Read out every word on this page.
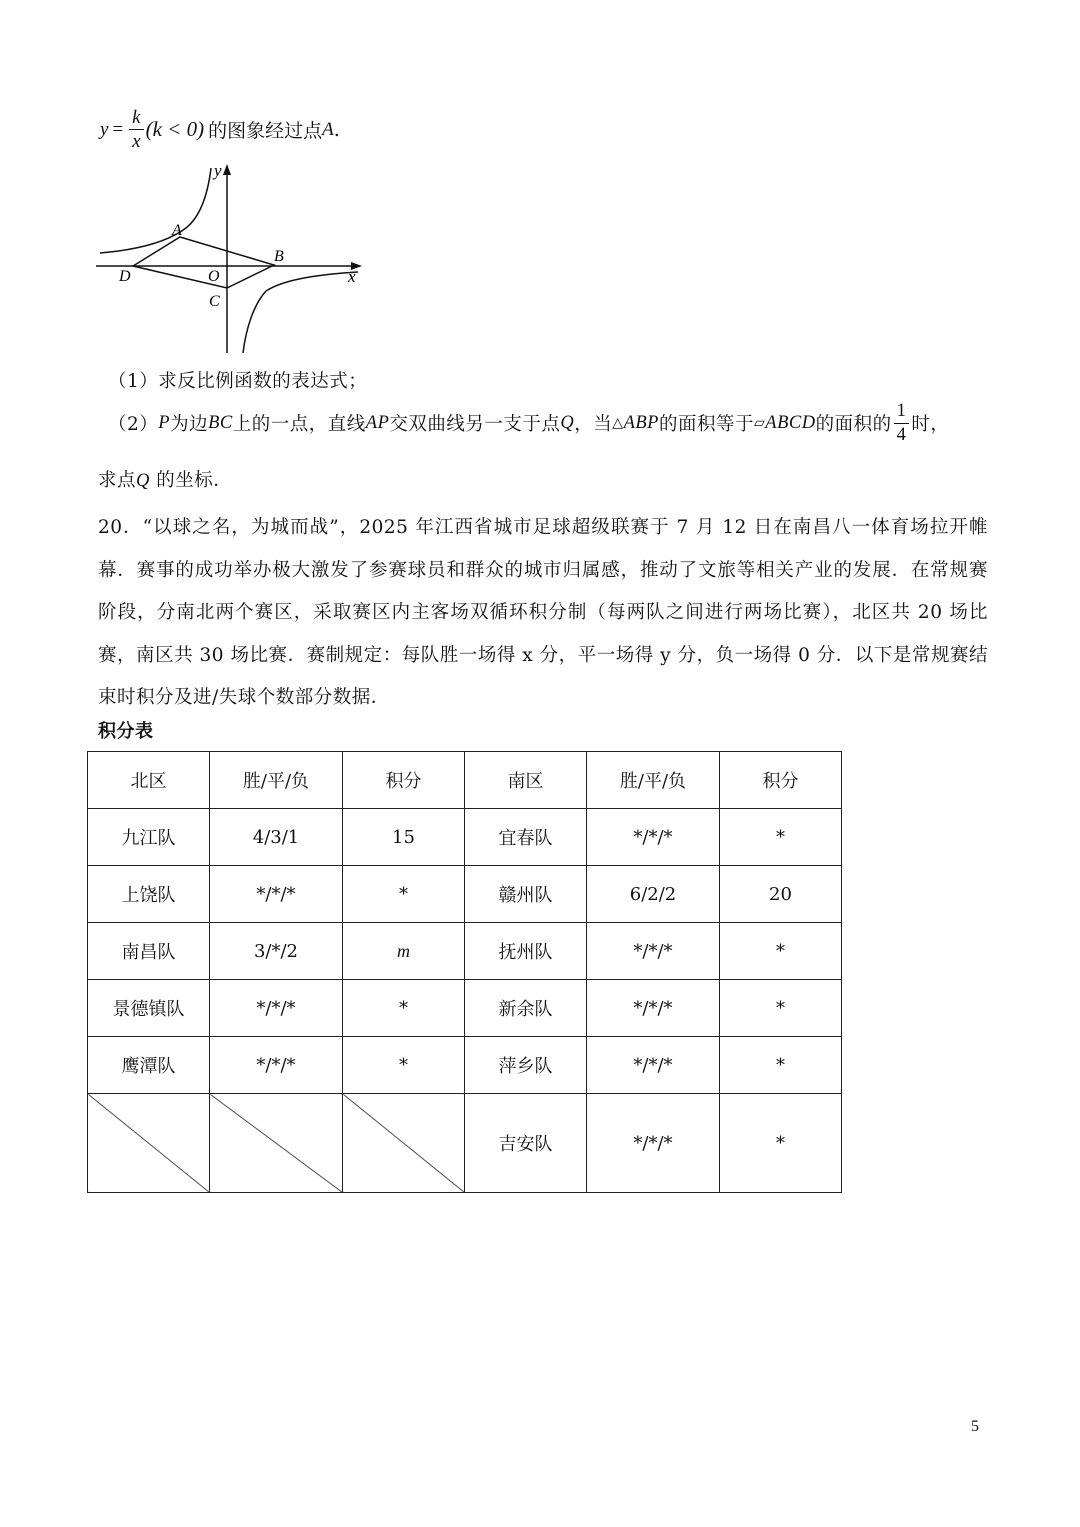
$y = \frac{k}{x} (k < 0)$ 的图象经过点 A .
y
x
A
B
C
D	O
（1）求反比例函数的表达式；
（2） P 为边 BC 上的一点，直线 AP 交双曲线另一支于点 Q ，当 △ ABP 的面积等于 ▱ ABCD 的面积的 $\frac{1}{4}$ 时，
求点Q 的坐标．
20．“以球之名，为城而战”，2025 年江西省城市足球超级联赛于 7 月 12 日在南昌八一体育场拉开帷幕．赛事的成功举办极大激发了参赛球员和群众的城市归属感，推动了文旅等相关产业的发展．在常规赛阶段，分南北两个赛区，采取赛区内主客场双循环积分制（每两队之间进行两场比赛），北区共 20 场比赛，南区共 30 场比赛．赛制规定：每队胜一场得 x 分，平一场得 y 分，负一场得 0 分．以下是常规赛结束时积分及进/失球个数部分数据．
积分表
北区	胜/平/负	积分	南区	胜/平/负	积分
九江队	4/3/1	15	宜春队	*/*/*	*
上饶队	*/*/*	*	赣州队	6/2/2	20
南昌队	3/*/2	m	抚州队	*/*/*	*
景德镇队	*/*/*	*	新余队	*/*/*	*
鹰潭队	*/*/*	*	萍乡队	*/*/*	*
			吉安队	*/*/*	*
5
